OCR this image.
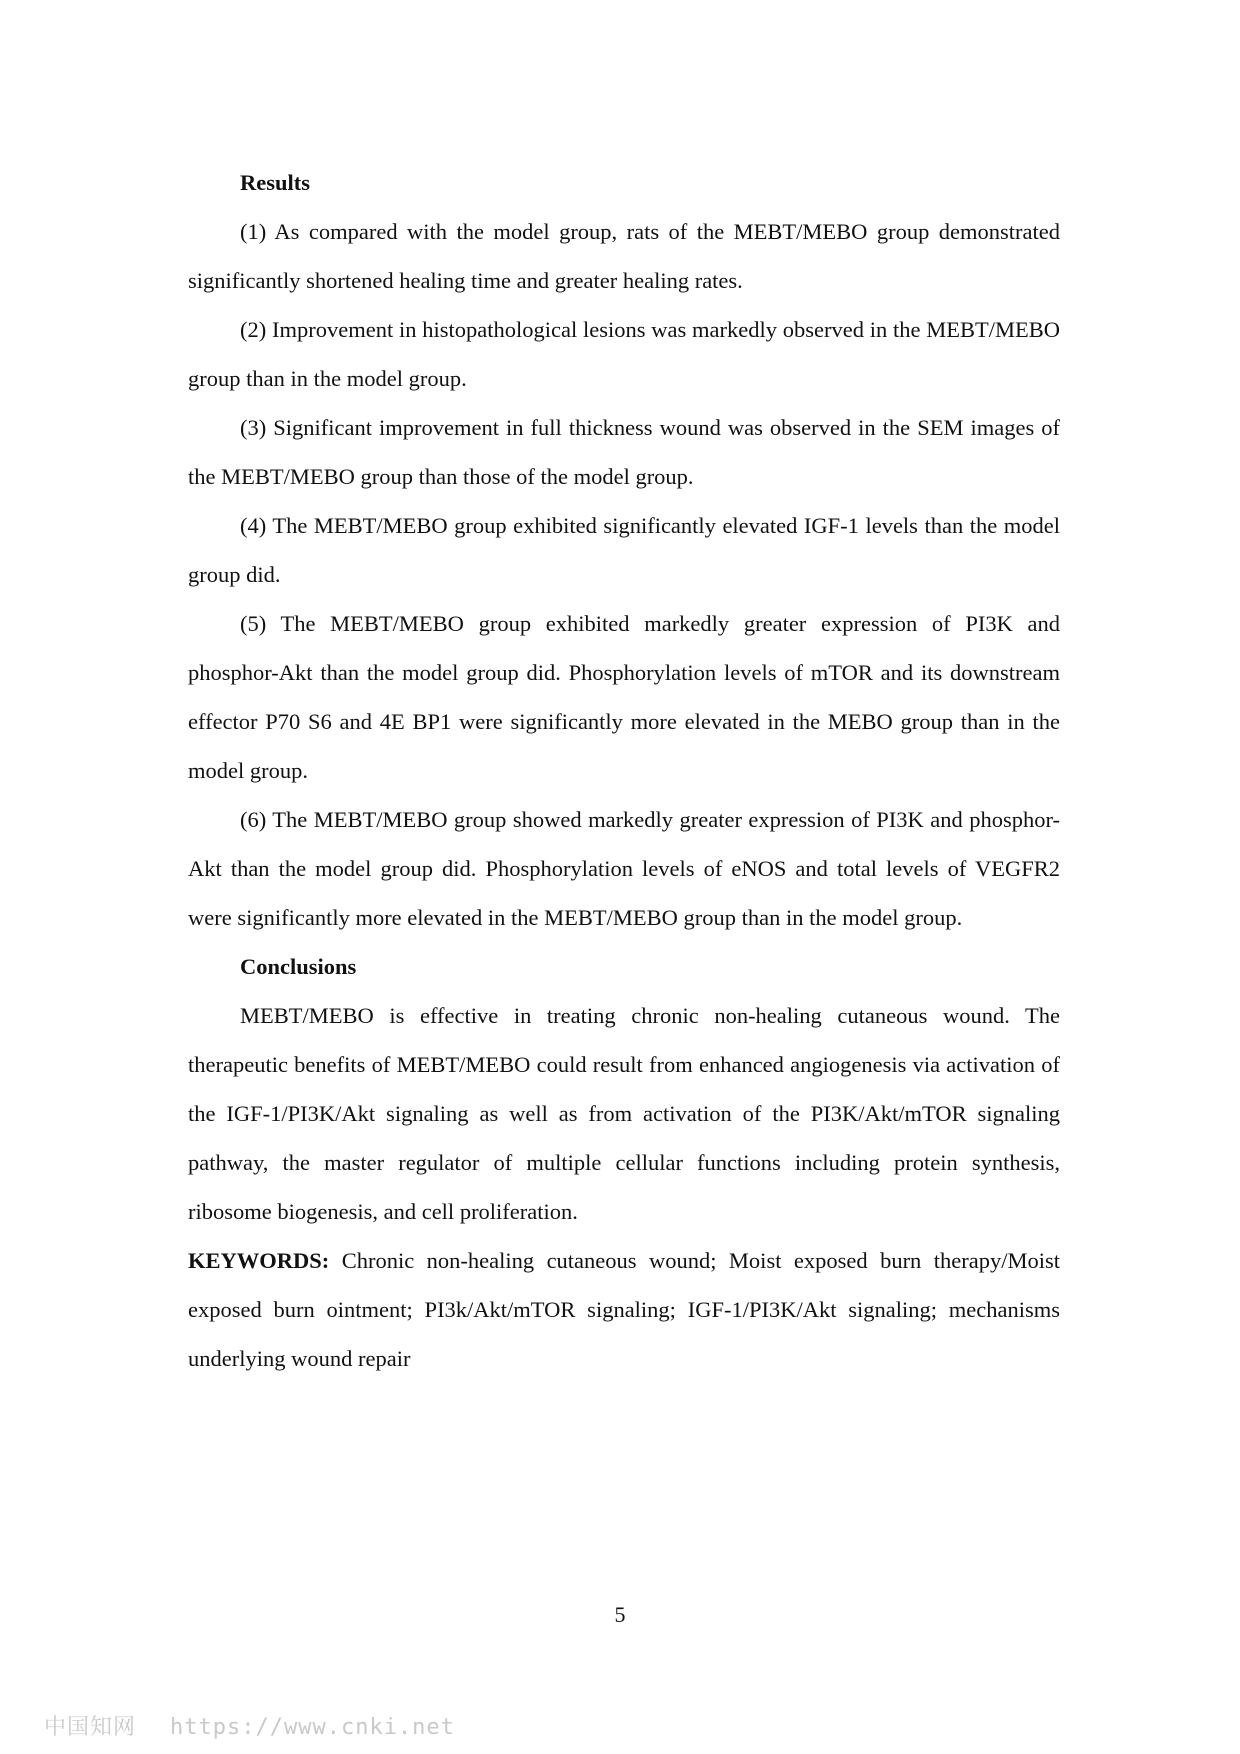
Results

(1) As compared with the model group, rats of the MEBT/MEBO group demonstrated significantly shortened healing time and greater healing rates.

(2) Improvement in histopathological lesions was markedly observed in the MEBT/MEBO group than in the model group.

(3) Significant improvement in full thickness wound was observed in the SEM images of the MEBT/MEBO group than those of the model group.

(4) The MEBT/MEBO group exhibited significantly elevated IGF-1 levels than the model group did.

(5) The MEBT/MEBO group exhibited markedly greater expression of PI3K and phosphor-Akt than the model group did. Phosphorylation levels of mTOR and its downstream effector P70 S6 and 4E BP1 were significantly more elevated in the MEBO group than in the model group.

(6) The MEBT/MEBO group showed markedly greater expression of PI3K and phosphor-Akt than the model group did. Phosphorylation levels of eNOS and total levels of VEGFR2 were significantly more elevated in the MEBT/MEBO group than in the model group.

Conclusions

MEBT/MEBO is effective in treating chronic non-healing cutaneous wound. The therapeutic benefits of MEBT/MEBO could result from enhanced angiogenesis via activation of the IGF-1/PI3K/Akt signaling as well as from activation of the PI3K/Akt/mTOR signaling pathway, the master regulator of multiple cellular functions including protein synthesis, ribosome biogenesis, and cell proliferation.

KEYWORDS: Chronic non-healing cutaneous wound; Moist exposed burn therapy/Moist exposed burn ointment; PI3k/Akt/mTOR signaling; IGF-1/PI3K/Akt signaling; mechanisms underlying wound repair

5
中国知网 https://www.cnki.net
